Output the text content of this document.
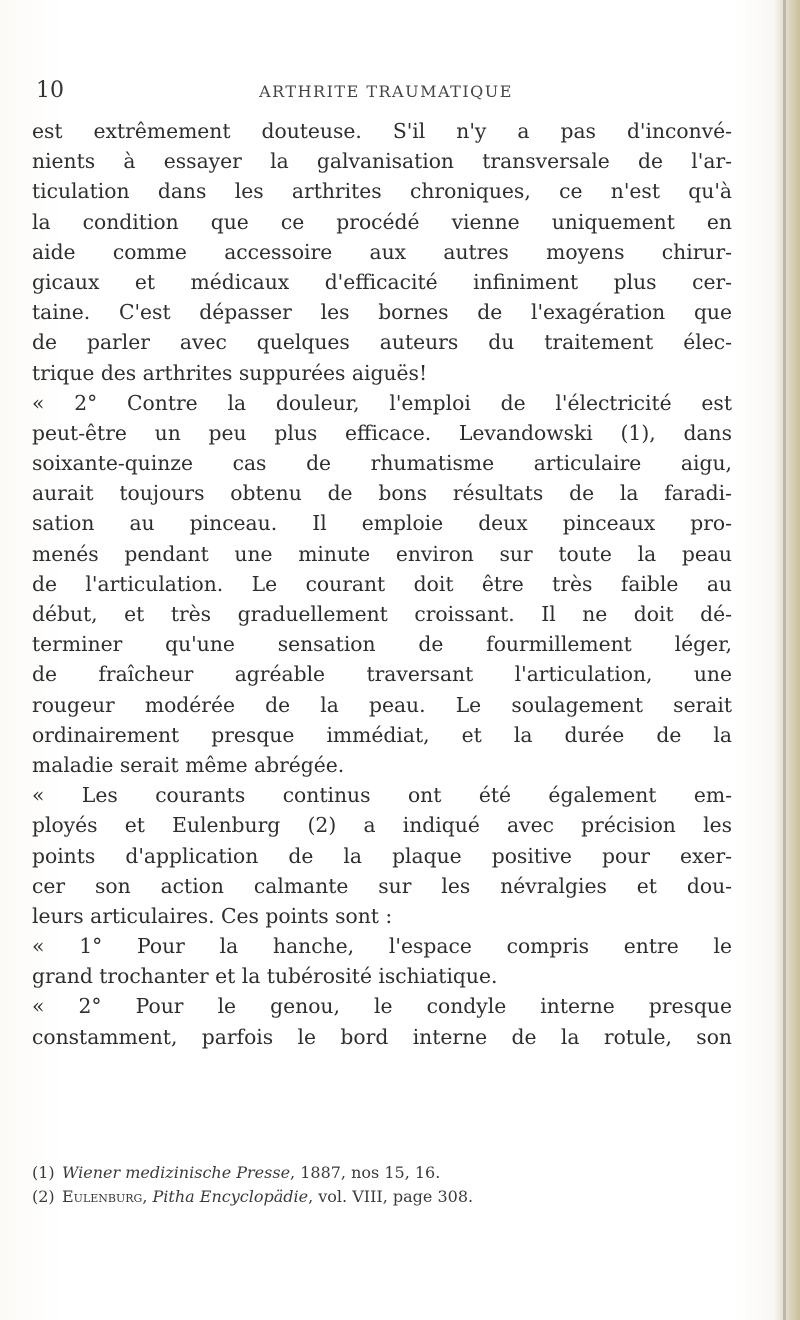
10	ARTHRITE TRAUMATIQUE
est extrêmement douteuse. S'il n'y a pas d'inconvé-
nients à essayer la galvanisation transversale de l'ar-
ticulation dans les arthrites chroniques, ce n'est qu'à
la condition que ce procédé vienne uniquement en
aide comme accessoire aux autres moyens chirur-
gicaux et médicaux d'efficacité infiniment plus cer-
taine. C'est dépasser les bornes de l'exagération que
de parler avec quelques auteurs du traitement élec-
trique des arthrites suppurées aiguës!
« 2° Contre la douleur, l'emploi de l'électricité est
peut-être un peu plus efficace. Levandowski (1), dans
soixante-quinze cas de rhumatisme articulaire aigu,
aurait toujours obtenu de bons résultats de la faradi-
sation au pinceau. Il emploie deux pinceaux pro-
menés pendant une minute environ sur toute la peau
de l'articulation. Le courant doit être très faible au
début, et très graduellement croissant. Il ne doit dé-
terminer qu'une sensation de fourmillement léger,
de fraîcheur agréable traversant l'articulation, une
rougeur modérée de la peau. Le soulagement serait
ordinairement presque immédiat, et la durée de la
maladie serait même abrégée.
« Les courants continus ont été également em-
ployés et Eulenburg (2) a indiqué avec précision les
points d'application de la plaque positive pour exer-
cer son action calmante sur les névralgies et dou-
leurs articulaires. Ces points sont :
« 1° Pour la hanche, l'espace compris entre le
grand trochanter et la tubérosité ischiatique.
« 2° Pour le genou, le condyle interne presque
constamment, parfois le bord interne de la rotule, son
(1) Wiener medizinische Presse, 1887, nos 15, 16.
(2) Eulenburg, Pitha Encyclopädie, vol. VIII, page 308.
